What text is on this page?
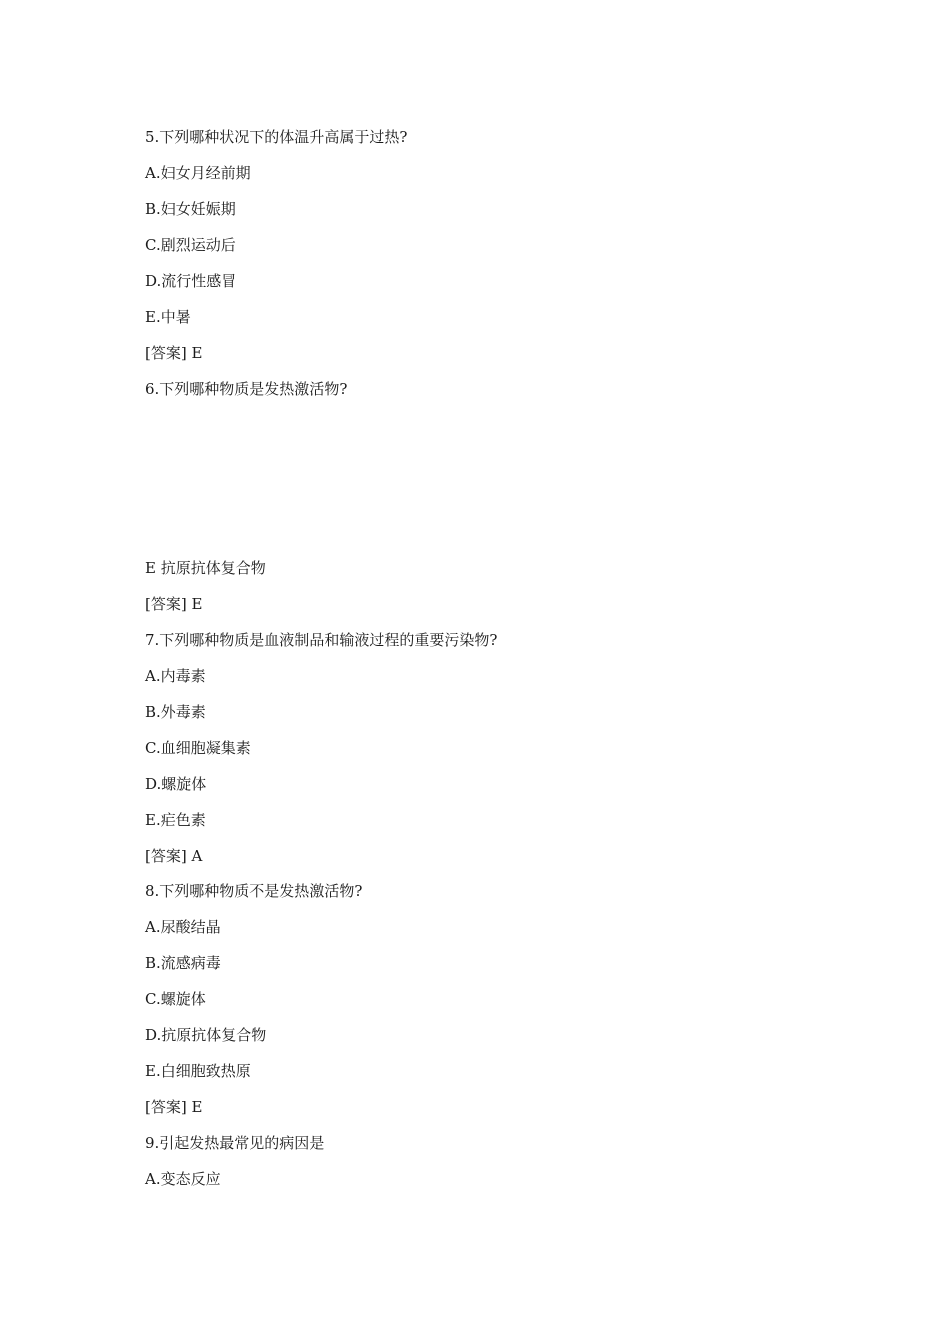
5.下列哪种状况下的体温升高属于过热?
A.妇女月经前期
B.妇女妊娠期
C.剧烈运动后
D.流行性感冒
E.中暑
[答案] E
6.下列哪种物质是发热激活物?
E 抗原抗体复合物
[答案] E
7.下列哪种物质是血液制品和输液过程的重要污染物?
A.内毒素
B.外毒素
C.血细胞凝集素
D.螺旋体
E.疟色素
[答案] A
8.下列哪种物质不是发热激活物?
A.尿酸结晶
B.流感病毒
C.螺旋体
D.抗原抗体复合物
E.白细胞致热原
[答案] E
9.引起发热最常见的病因是
A.变态反应
